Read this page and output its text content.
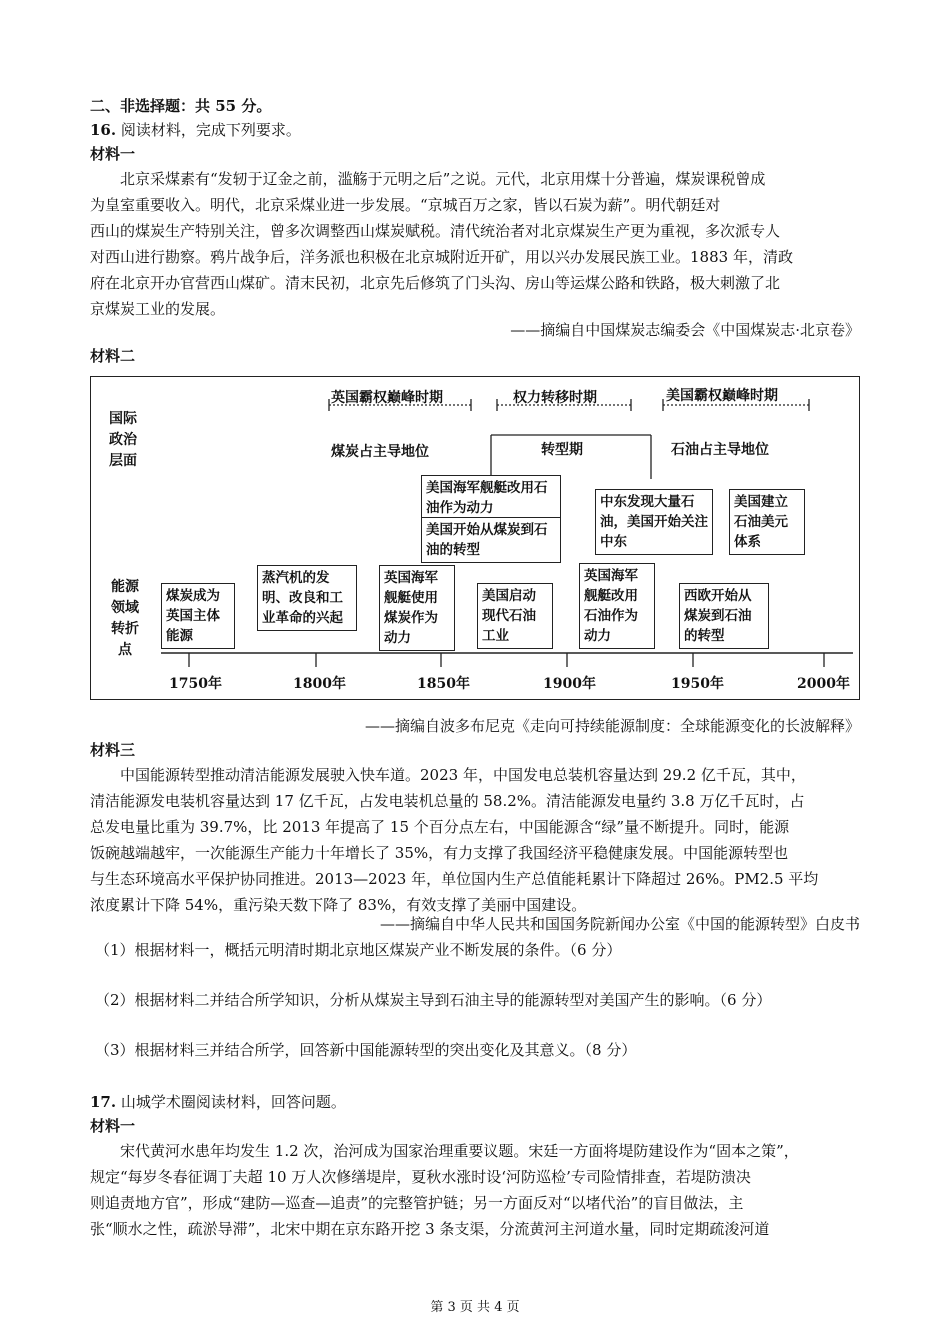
二、非选择题：共 55 分。
16. 阅读材料，完成下列要求。
材料一

北京采煤素有“发轫于辽金之前，滥觞于元明之后”之说。元代，北京用煤十分普遍，煤炭课税曾成

为皇室重要收入。明代，北京采煤业进一步发展。“京城百万之家，皆以石炭为薪”。明代朝廷对

西山的煤炭生产特别关注，曾多次调整西山煤炭赋税。清代统治者对北京煤炭生产更为重视，多次派专人

对西山进行勘察。鸦片战争后，洋务派也积极在北京城附近开矿，用以兴办发展民族工业。1883 年，清政

府在北京开办官营西山煤矿。清末民初，北京先后修筑了门头沟、房山等运煤公路和铁路，极大刺激了北

京煤炭工业的发展。

——摘编自中国煤炭志编委会《中国煤炭志·北京卷》
材料二
国际
政治
层面
能源
领域
转折点
英国霸权巅峰时期	权力转移时期	美国霸权巅峰时期
煤炭占主导地位	转型期	石油占主导地位
美国海军舰艇改用石油作为动力
美国开始从煤炭到石油的转型
中东发现大量石油，美国开始关注中东
美国建立石油美元体系
煤炭成为英国主体能源
蒸汽机的发明、改良和工业革命的兴起
英国海军舰艇使用煤炭作为动力
美国启动现代石油工业
英国海军舰艇改用石油作为动力
西欧开始从煤炭到石油的转型
1750年	1800年	1850年	1900年	1950年	2000年
——摘编自波多布尼克《走向可持续能源制度：全球能源变化的长波解释》
材料三

中国能源转型推动清洁能源发展驶入快车道。2023 年，中国发电总装机容量达到 29.2 亿千瓦，其中，

清洁能源发电装机容量达到 17 亿千瓦，占发电装机总量的 58.2%。清洁能源发电量约 3.8 万亿千瓦时，占

总发电量比重为 39.7%，比 2013 年提高了 15 个百分点左右，中国能源含“绿”量不断提升。同时，能源

饭碗越端越牢，一次能源生产能力十年增长了 35%，有力支撑了我国经济平稳健康发展。中国能源转型也

与生态环境高水平保护协同推进。2013—2023 年，单位国内生产总值能耗累计下降超过 26%。PM2.5 平均

浓度累计下降 54%，重污染天数下降了 83%，有效支撑了美丽中国建设。

——摘编自中华人民共和国国务院新闻办公室《中国的能源转型》白皮书
（1）根据材料一，概括元明清时期北京地区煤炭产业不断发展的条件。（6 分）
（2）根据材料二并结合所学知识，分析从煤炭主导到石油主导的能源转型对美国产生的影响。（6 分）
（3）根据材料三并结合所学，回答新中国能源转型的突出变化及其意义。（8 分）
17. 山城学术圈阅读材料，回答问题。
材料一

宋代黄河水患年均发生 1.2 次，治河成为国家治理重要议题。宋廷一方面将堤防建设作为“固本之策”，

规定“每岁冬春征调丁夫超 10 万人次修缮堤岸，夏秋水涨时设‘河防巡检’专司险情排查，若堤防溃决

则追责地方官”，形成“建防—巡查—追责”的完整管护链；另一方面反对“以堵代治”的盲目做法，主

张“顺水之性，疏淤导滞”，北宋中期在京东路开挖 3 条支渠，分流黄河主河道水量，同时定期疏浚河道

第 3 页 共 4 页
